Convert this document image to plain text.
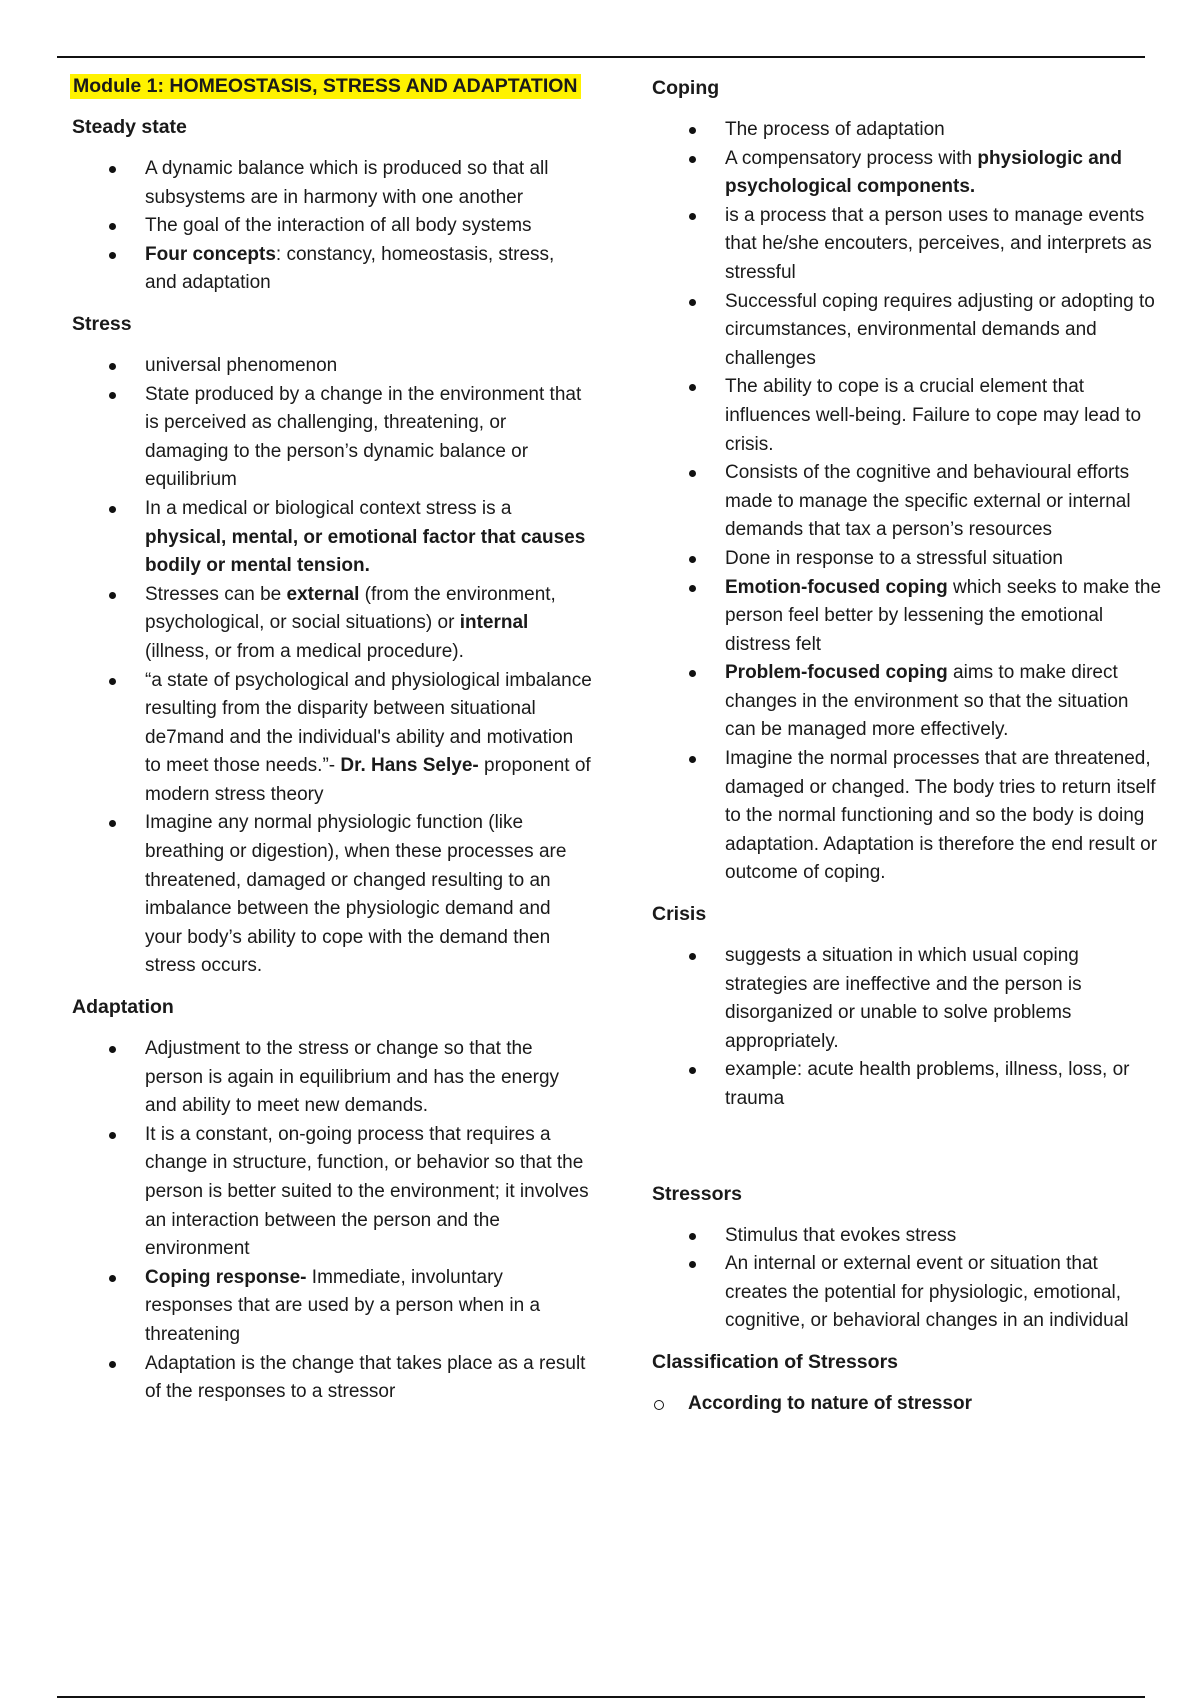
Module 1: HOMEOSTASIS, STRESS AND ADAPTATION
Steady state
A dynamic balance which is produced so that all subsystems are in harmony with one another
The goal of the interaction of all body systems
Four concepts: constancy, homeostasis, stress, and adaptation
Stress
universal phenomenon
State produced by a change in the environment that is perceived as challenging, threatening, or damaging to the person’s dynamic balance or equilibrium
In a medical or biological context stress is a physical, mental, or emotional factor that causes bodily or mental tension.
Stresses can be external (from the environment, psychological, or social situations) or internal (illness, or from a medical procedure).
“a state of psychological and physiological imbalance resulting from the disparity between situational de7mand and the individual's ability and motivation to meet those needs.”- Dr. Hans Selye- proponent of modern stress theory
Imagine any normal physiologic function (like breathing or digestion), when these processes are threatened, damaged or changed resulting to an imbalance between the physiologic demand and your body’s ability to cope with the demand then stress occurs.
Adaptation
Adjustment to the stress or change so that the person is again in equilibrium and has the energy and ability to meet new demands.
It is a constant, on-going process that requires a change in structure, function, or behavior so that the person is better suited to the environment; it involves an interaction between the person and the environment
Coping response- Immediate, involuntary responses that are used by a person when in a threatening
Adaptation is the change that takes place as a result of the responses to a stressor
Coping
The process of adaptation
A compensatory process with physiologic and psychological components.
is a process that a person uses to manage events that he/she encouters, perceives, and interprets as stressful
Successful coping requires adjusting or adopting to circumstances, environmental demands and challenges
The ability to cope is a crucial element that influences well-being. Failure to cope may lead to crisis.
Consists of the cognitive and behavioural efforts made to manage the specific external or internal demands that tax a person’s resources
Done in response to a stressful situation
Emotion-focused coping which seeks to make the person feel better by lessening the emotional distress felt
Problem-focused coping aims to make direct changes in the environment so that the situation can be managed more effectively.
Imagine the normal processes that are threatened, damaged or changed. The body tries to return itself to the normal functioning and so the body is doing adaptation. Adaptation is therefore the end result or outcome of coping.
Crisis
suggests a situation in which usual coping strategies are ineffective and the person is disorganized or unable to solve problems appropriately.
example: acute health problems, illness, loss, or trauma
Stressors
Stimulus that evokes stress
An internal or external event or situation that creates the potential for physiologic, emotional, cognitive, or behavioral changes in an individual
Classification of Stressors
According to nature of stressor
